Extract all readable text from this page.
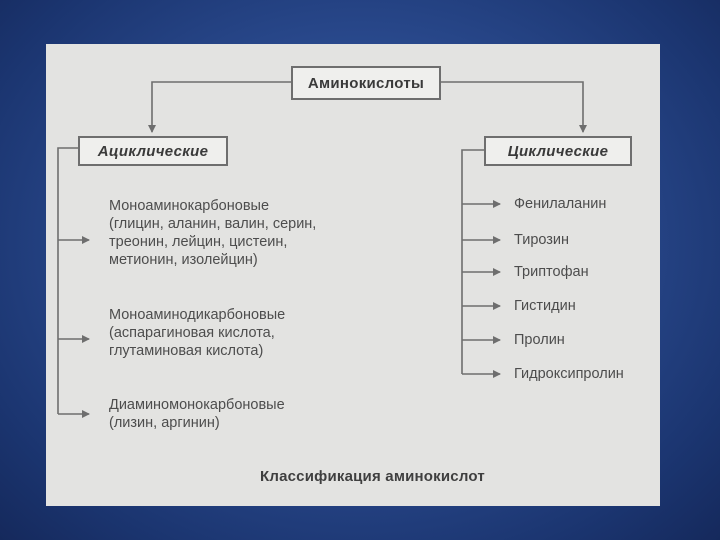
Аминокислоты
Ациклические	Циклические
Моноаминокарбоновые
(глицин, аланин, валин, серин,
треонин, лейцин, цистеин,
метионин, изолейцин)
Моноаминодикарбоновые
(аспарагиновая кислота,
глутаминовая кислота)
Диаминомонокарбоновые
(лизин, аргинин)
Фенилаланин
Тирозин
Триптофан
Гистидин
Пролин
Гидроксипролин
Классификация аминокислот
